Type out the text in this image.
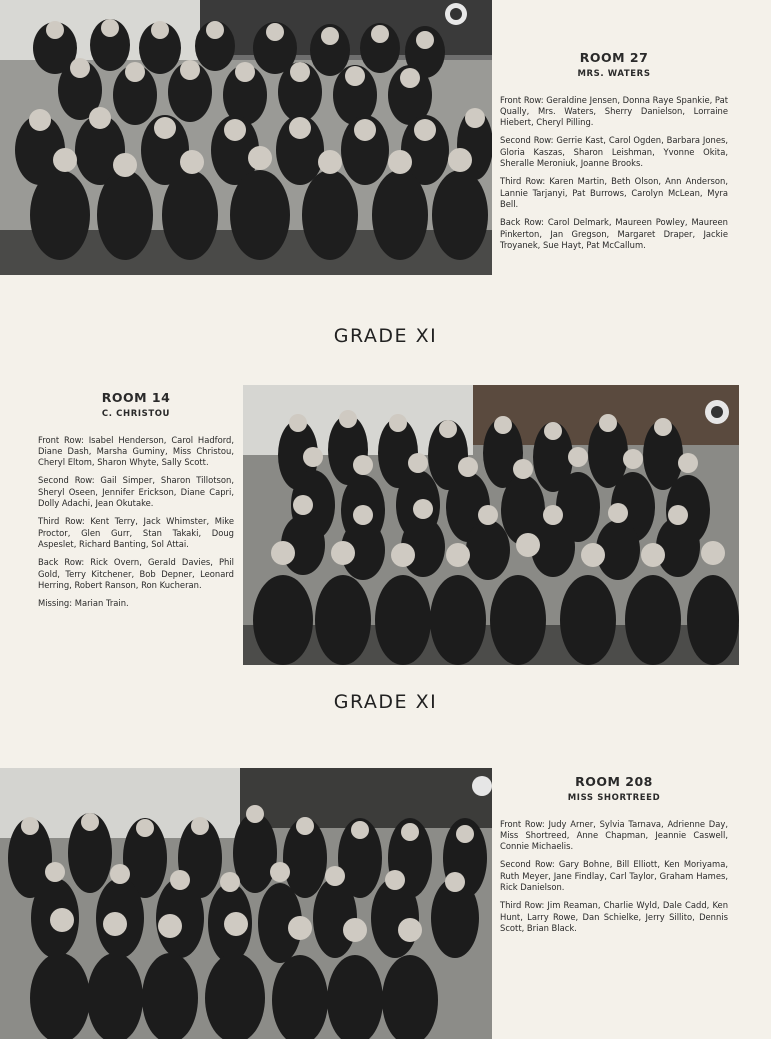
ROOM 27
MRS. WATERS

Front Row: Geraldine Jensen, Donna Raye Spankie, Pat Qually, Mrs. Waters, Sherry Danielson, Lorraine Hiebert, Cheryl Pilling.

Second Row: Gerrie Kast, Carol Ogden, Barbara Jones, Gloria Kaszas, Sharon Leishman, Yvonne Okita, Sheralle Meroniuk, Joanne Brooks.

Third Row: Karen Martin, Beth Olson, Ann Anderson, Lannie Tarjanyi, Pat Burrows, Carolyn McLean, Myra Bell.

Back Row: Carol Delmark, Maureen Powley, Maureen Pinkerton, Jan Gregson, Margaret Draper, Jackie Troyanek, Sue Hayt, Pat McCallum.

GRADE XI
ROOM 14
C. CHRISTOU

Front Row: Isabel Henderson, Carol Hadford, Diane Dash, Marsha Guminy, Miss Christou, Cheryl Eltom, Sharon Whyte, Sally Scott.

Second Row: Gail Simper, Sharon Tillotson, Sheryl Oseen, Jennifer Erickson, Diane Capri, Dolly Adachi, Jean Okutake.

Third Row: Kent Terry, Jack Whimster, Mike Proctor, Glen Gurr, Stan Takaki, Doug Aspeslet, Richard Banting, Sol Attai.

Back Row: Rick Overn, Gerald Davies, Phil Gold, Terry Kitchener, Bob Depner, Leonard Herring, Robert Ranson, Ron Kucheran.

Missing: Marian Train.

GRADE XI
ROOM 208
MISS SHORTREED

Front Row: Judy Arner, Sylvia Tarnava, Adrienne Day, Miss Shortreed, Anne Chapman, Jeannie Caswell, Connie Michaelis.

Second Row: Gary Bohne, Bill Elliott, Ken Moriyama, Ruth Meyer, Jane Findlay, Carl Taylor, Graham Hames, Rick Danielson.

Third Row: Jim Reaman, Charlie Wyld, Dale Cadd, Ken Hunt, Larry Rowe, Dan Schielke, Jerry Sillito, Dennis Scott, Brian Black.
